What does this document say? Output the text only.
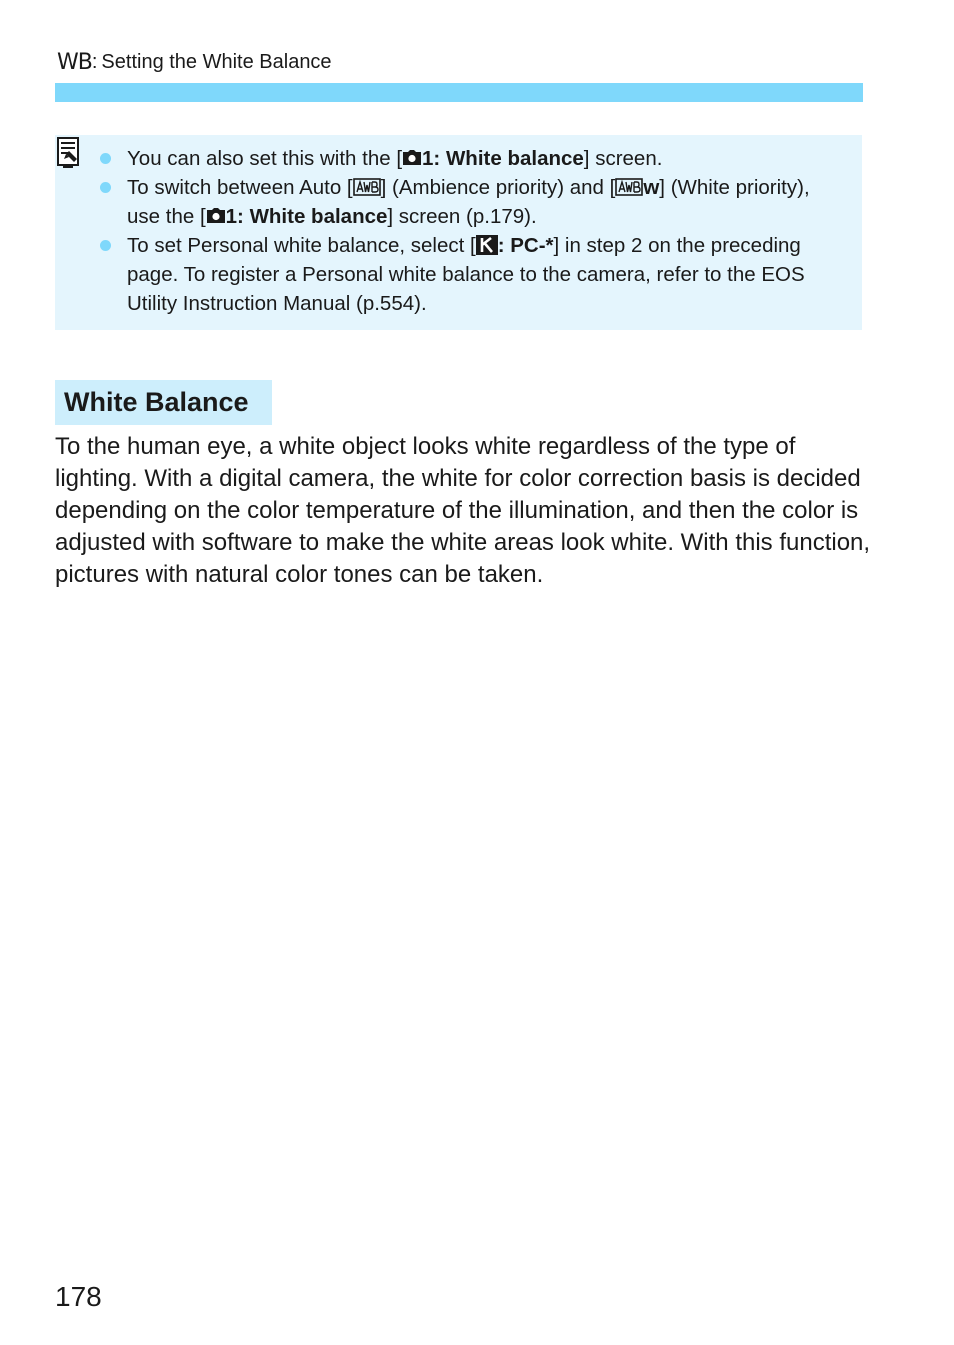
WB : Setting the White Balance
You can also set this with the [ 1: White balance] screen.
To switch between Auto [ ] (Ambience priority) and [ w] (White priority), use the [ 1: White balance] screen (p.179).
To set Personal white balance, select [ : PC-*] in step 2 on the preceding page. To register a Personal white balance to the camera, refer to the EOS Utility Instruction Manual (p.554).
White Balance

To the human eye, a white object looks white regardless of the type of lighting. With a digital camera, the white for color correction basis is decided depending on the color temperature of the illumination, and then the color is adjusted with software to make the white areas look white. With this function, pictures with natural color tones can be taken.

178
